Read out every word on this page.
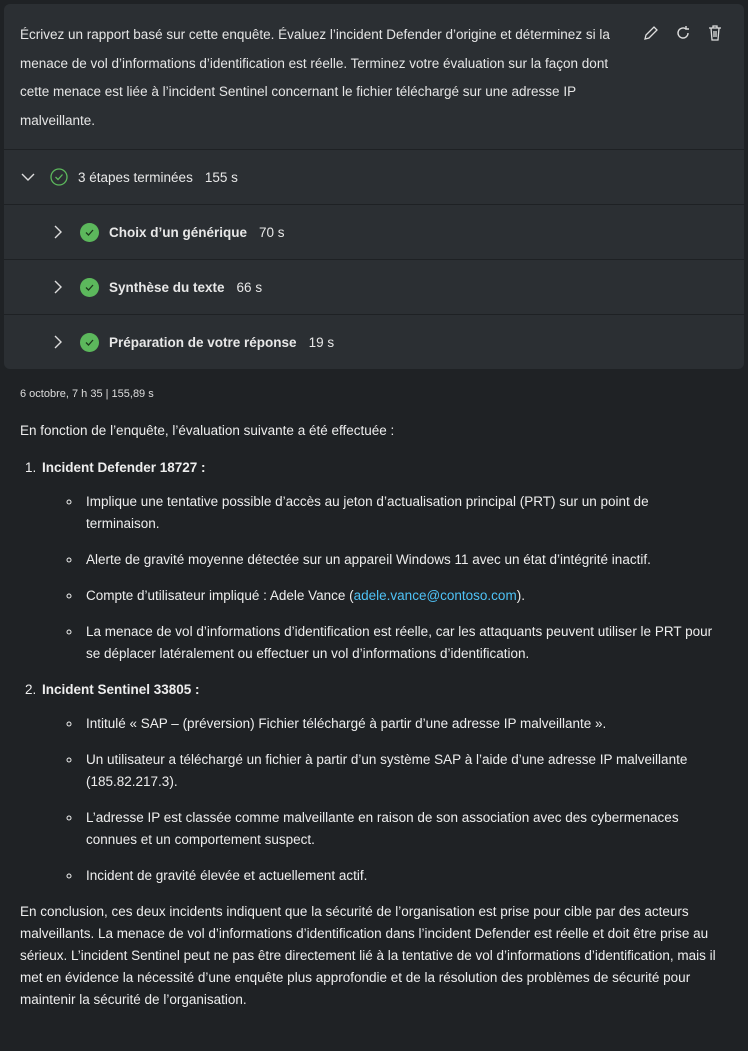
Écrivez un rapport basé sur cette enquête. Évaluez l’incident Defender d’origine et déterminez si la menace de vol d’informations d’identification est réelle. Terminez votre évaluation sur la façon dont cette menace est liée à l’incident Sentinel concernant le fichier téléchargé sur une adresse IP malveillante.
3 étapes terminées 155 s
Choix d’un générique 70 s
Synthèse du texte 66 s
Préparation de votre réponse 19 s
6 octobre, 7 h 35 | 155,89 s

En fonction de l’enquête, l’évaluation suivante a été effectuée :

1. Incident Defender 18727 :
◦ Implique une tentative possible d’accès au jeton d’actualisation principal (PRT) sur un point de terminaison.
◦ Alerte de gravité moyenne détectée sur un appareil Windows 11 avec un état d’intégrité inactif.
◦ Compte d’utilisateur impliqué : Adele Vance (adele.vance@contoso.com).
◦ La menace de vol d’informations d’identification est réelle, car les attaquants peuvent utiliser le PRT pour se déplacer latéralement ou effectuer un vol d’informations d’identification.
2. Incident Sentinel 33805 :
◦ Intitulé « SAP – (préversion) Fichier téléchargé à partir d’une adresse IP malveillante ».
◦ Un utilisateur a téléchargé un fichier à partir d’un système SAP à l’aide d’une adresse IP malveillante (185.82.217.3).
◦ L’adresse IP est classée comme malveillante en raison de son association avec des cybermenaces connues et un comportement suspect.
◦ Incident de gravité élevée et actuellement actif.

En conclusion, ces deux incidents indiquent que la sécurité de l’organisation est prise pour cible par des acteurs malveillants. La menace de vol d’informations d’identification dans l’incident Defender est réelle et doit être prise au sérieux. L’incident Sentinel peut ne pas être directement lié à la tentative de vol d’informations d’identification, mais il met en évidence la nécessité d’une enquête plus approfondie et de la résolution des problèmes de sécurité pour maintenir la sécurité de l’organisation.
